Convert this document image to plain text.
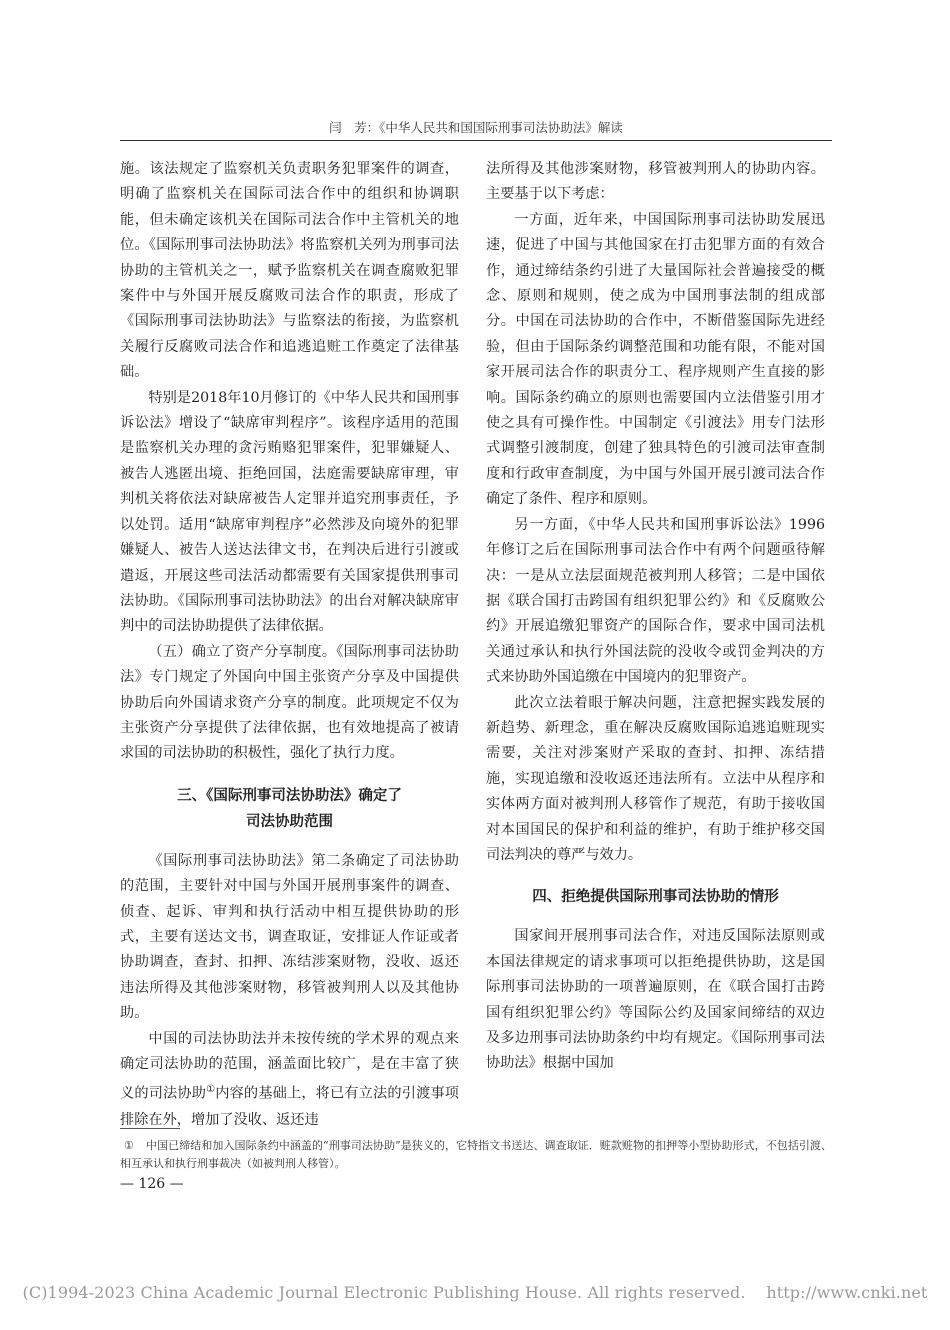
闫　芳：《中华人民共和国国际刑事司法协助法》解读

施。该法规定了监察机关负责职务犯罪案件的调查，明确了监察机关在国际司法合作中的组织和协调职能，但未确定该机关在国际司法合作中主管机关的地位。《国际刑事司法协助法》将监察机关列为刑事司法协助的主管机关之一，赋予监察机关在调查腐败犯罪案件中与外国开展反腐败司法合作的职责，形成了《国际刑事司法协助法》与监察法的衔接，为监察机关履行反腐败司法合作和追逃追赃工作奠定了法律基础。

特别是2018年10月修订的《中华人民共和国刑事诉讼法》增设了“缺席审判程序”。该程序适用的范围是监察机关办理的贪污贿赂犯罪案件，犯罪嫌疑人、被告人逃匿出境、拒绝回国，法庭需要缺席审理，审判机关将依法对缺席被告人定罪并追究刑事责任，予以处罚。适用“缺席审判程序”必然涉及向境外的犯罪嫌疑人、被告人送达法律文书，在判决后进行引渡或遣返，开展这些司法活动都需要有关国家提供刑事司法协助。《国际刑事司法协助法》的出台对解决缺席审判中的司法协助提供了法律依据。

（五）确立了资产分享制度。《国际刑事司法协助法》专门规定了外国向中国主张资产分享及中国提供协助后向外国请求资产分享的制度。此项规定不仅为主张资产分享提供了法律依据，也有效地提高了被请求国的司法协助的积极性，强化了执行力度。

三、《国际刑事司法协助法》确定了
司法协助范围

《国际刑事司法协助法》第二条确定了司法协助的范围，主要针对中国与外国开展刑事案件的调查、侦查、起诉、审判和执行活动中相互提供协助的形式，主要有送达文书，调查取证，安排证人作证或者协助调查，查封、扣押、冻结涉案财物，没收、返还违法所得及其他涉案财物，移管被判刑人以及其他协助。

中国的司法协助法并未按传统的学术界的观点来确定司法协助的范围，涵盖面比较广，是在丰富了狭义的司法协助①内容的基础上，将已有立法的引渡事项排除在外，增加了没收、返还违

法所得及其他涉案财物，移管被判刑人的协助内容。主要基于以下考虑：

一方面，近年来，中国国际刑事司法协助发展迅速，促进了中国与其他国家在打击犯罪方面的有效合作，通过缔结条约引进了大量国际社会普遍接受的概念、原则和规则，使之成为中国刑事法制的组成部分。中国在司法协助的合作中，不断借鉴国际先进经验，但由于国际条约调整范围和功能有限，不能对国家开展司法合作的职责分工、程序规则产生直接的影响。国际条约确立的原则也需要国内立法借鉴引用才使之具有可操作性。中国制定《引渡法》用专门法形式调整引渡制度，创建了独具特色的引渡司法审查制度和行政审查制度，为中国与外国开展引渡司法合作确定了条件、程序和原则。

另一方面，《中华人民共和国刑事诉讼法》1996年修订之后在国际刑事司法合作中有两个问题亟待解决：一是从立法层面规范被判刑人移管；二是中国依据《联合国打击跨国有组织犯罪公约》和《反腐败公约》开展追缴犯罪资产的国际合作，要求中国司法机关通过承认和执行外国法院的没收令或罚金判决的方式来协助外国追缴在中国境内的犯罪资产。

此次立法着眼于解决问题，注意把握实践发展的新趋势、新理念，重在解决反腐败国际追逃追赃现实需要，关注对涉案财产采取的查封、扣押、冻结措施，实现追缴和没收返还违法所有。立法中从程序和实体两方面对被判刑人移管作了规范，有助于接收国对本国国民的保护和利益的维护，有助于维护移交国司法判决的尊严与效力。

四、拒绝提供国际刑事司法协助的情形

国家间开展刑事司法合作，对违反国际法原则或本国法律规定的请求事项可以拒绝提供协助，这是国际刑事司法协助的一项普遍原则，在《联合国打击跨国有组织犯罪公约》等国际公约及国家间缔结的双边及多边刑事司法协助条约中均有规定。《国际刑事司法协助法》根据中国加

① 中国已缔结和加入国际条约中涵盖的“刑事司法协助”是狭义的，它特指文书送达、调查取证．赃款赃物的扣押等小型协助形式，不包括引渡、相互承认和执行刑事裁决（如被判刑人移管）。
— 126 —
(C)1994-2023 China Academic Journal Electronic Publishing House. All rights reserved.    http://www.cnki.net
